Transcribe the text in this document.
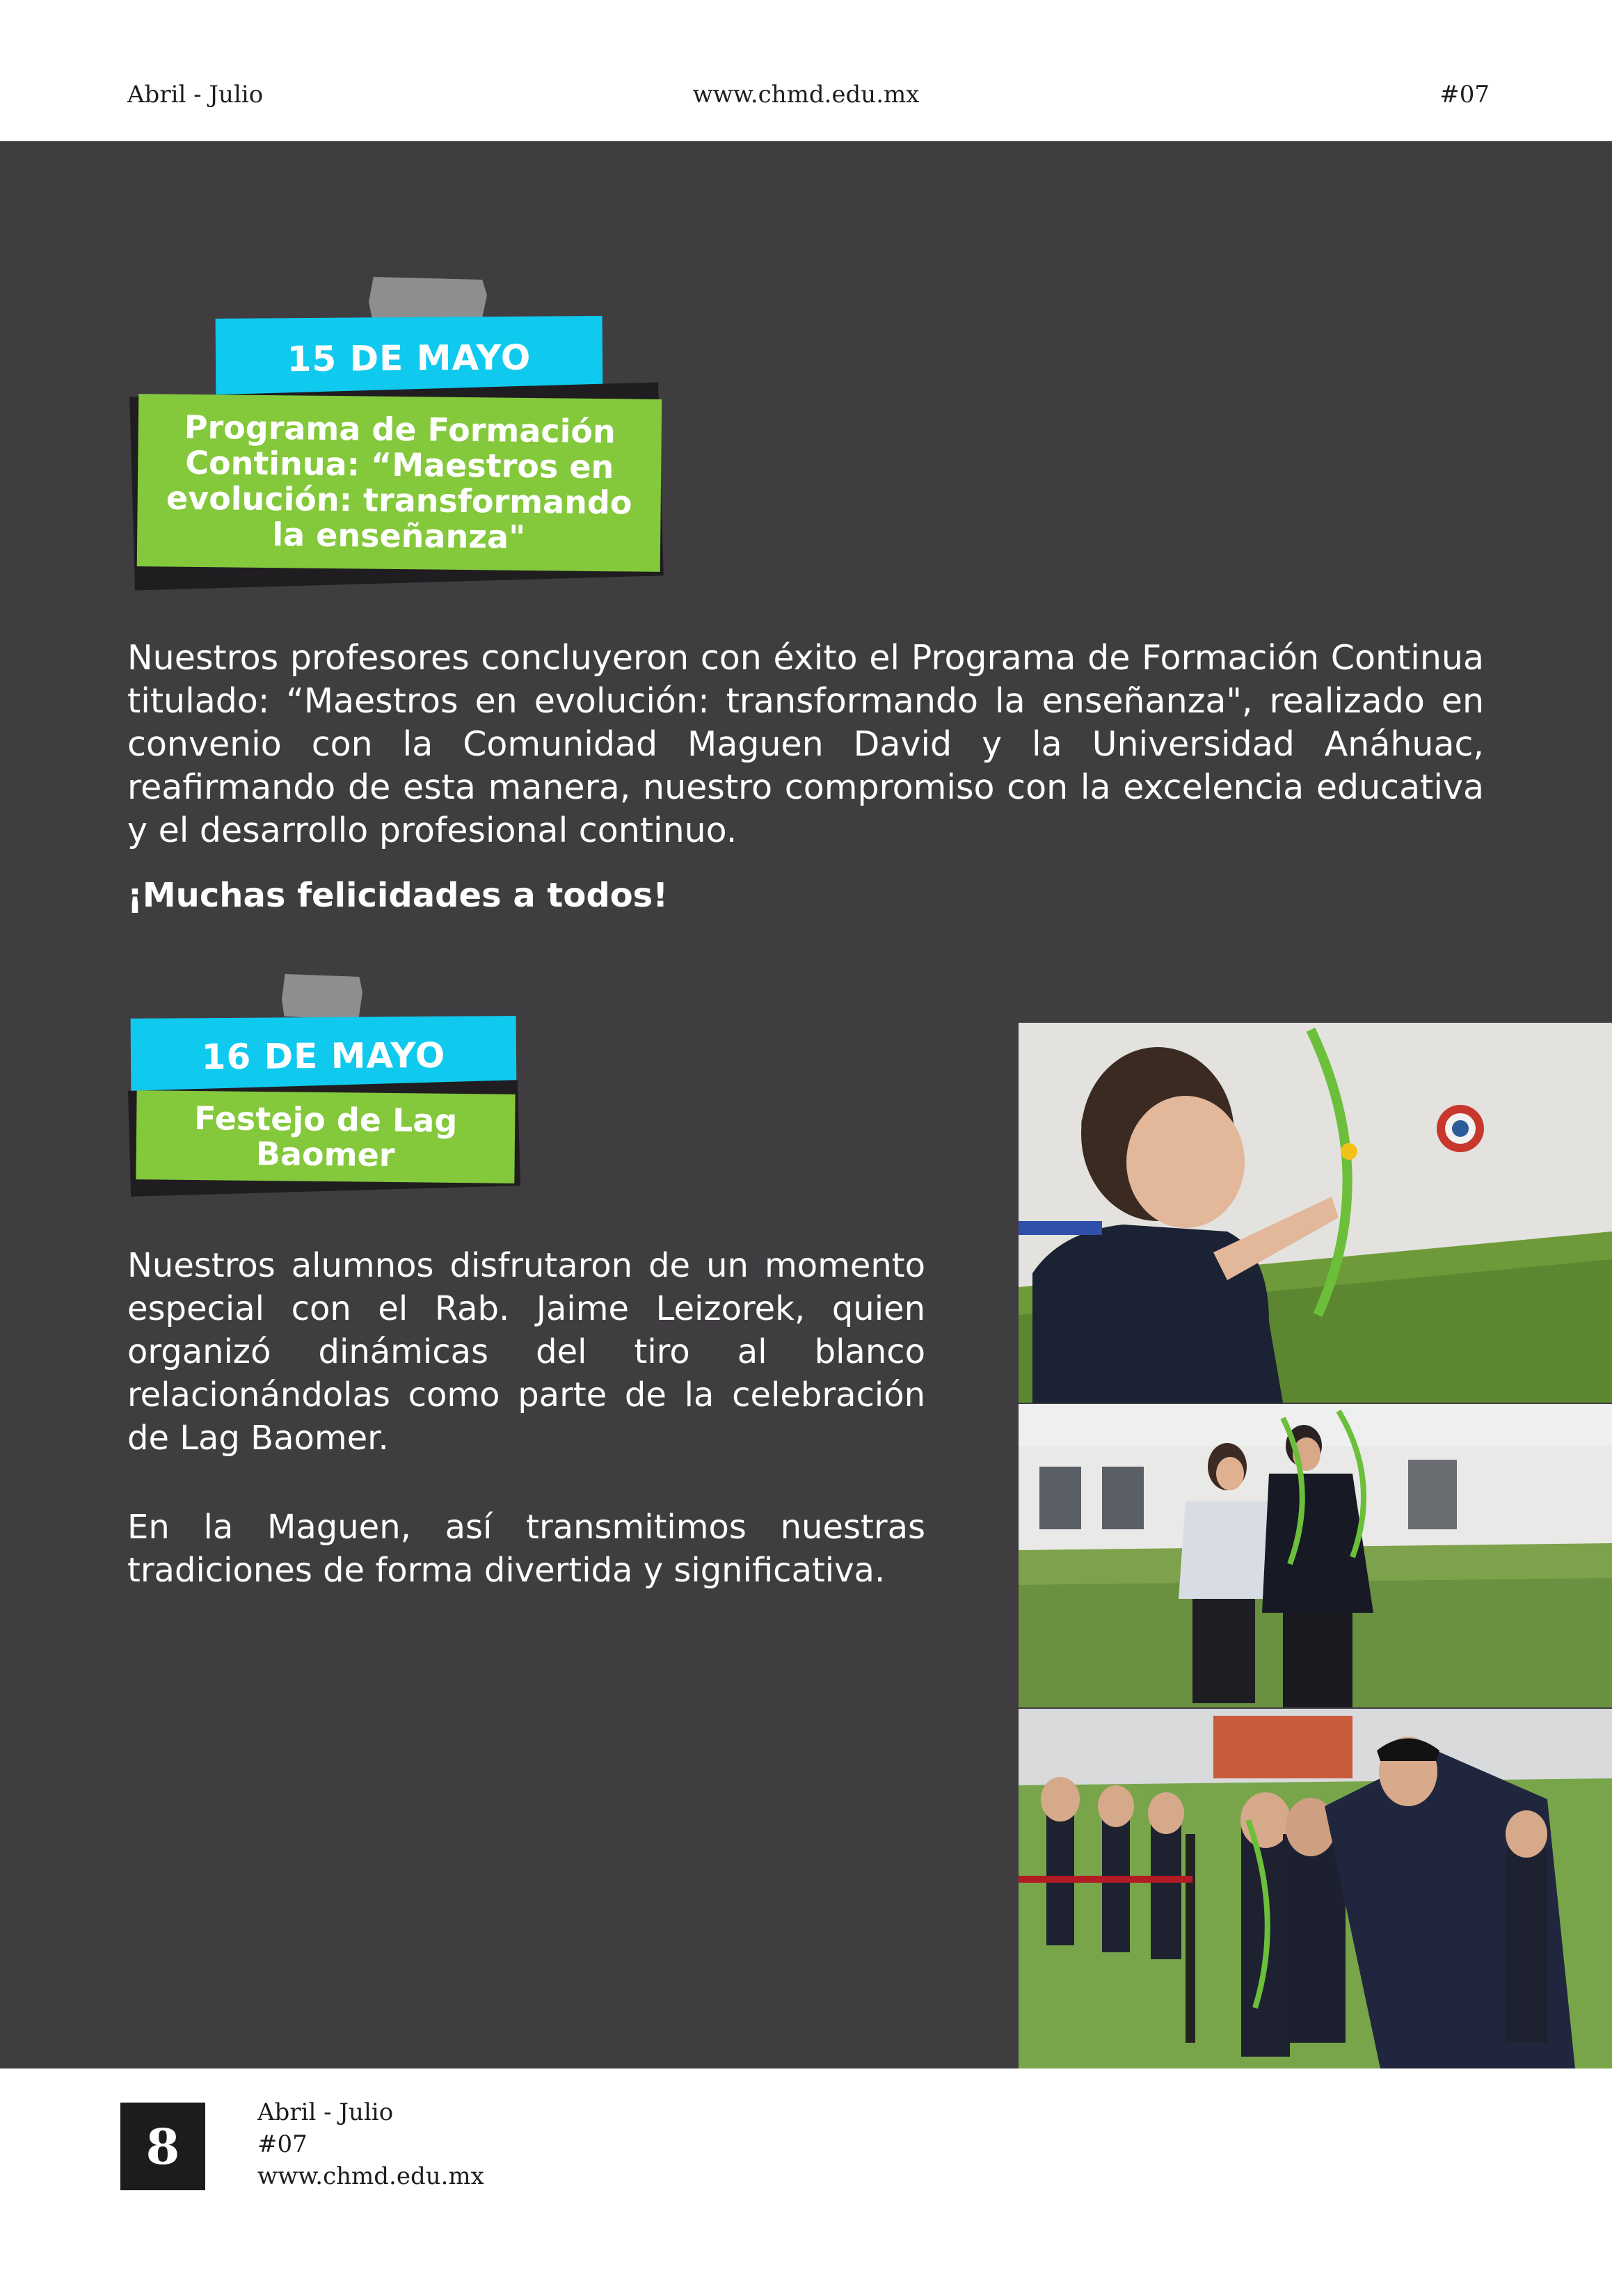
Abril - Julio	www.chmd.edu.mx	#07
15 DE MAYO
Programa de Formación
Continua: “Maestros en
evolución: transformando
la enseñanza"

Nuestros profesores concluyeron con éxito el Programa de Formación Continua titulado: “Maestros en evolución: transformando la enseñanza", realizado en convenio con la Comunidad Maguen David y la Universidad Anáhuac, reafirmando de esta manera, nuestro compromiso con la excelencia educativa y el desarrollo profesional continuo.

¡Muchas felicidades a todos!

16 DE MAYO
Festejo de Lag
Baomer

Nuestros alumnos disfrutaron de un momento especial con el Rab. Jaime Leizorek, quien organizó dinámicas del tiro al blanco relacionándolas como parte de la celebración de Lag Baomer.

En la Maguen, así transmitimos nuestras tradiciones de forma divertida y significativa.

8
Abril - Julio
#07
www.chmd.edu.mx
